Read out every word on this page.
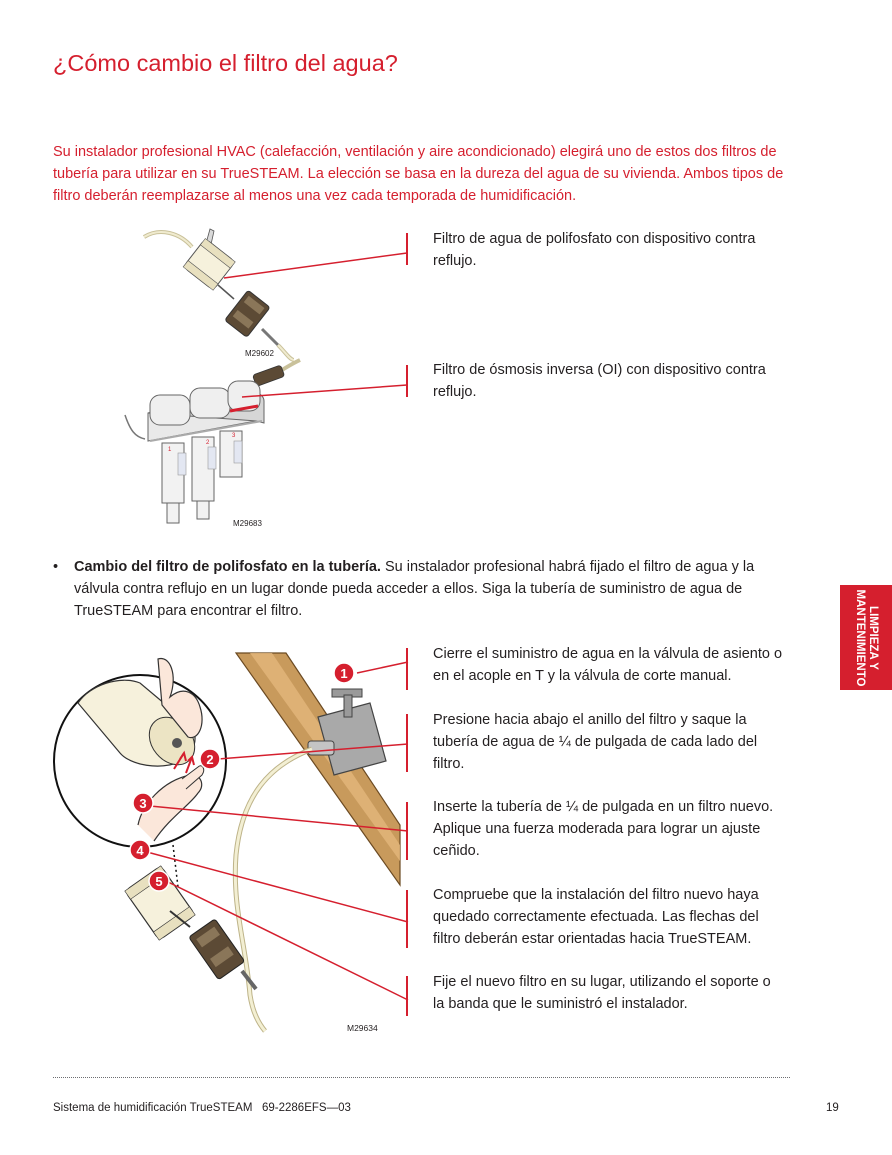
¿Cómo cambio el filtro del agua?
Su instalador profesional HVAC (calefacción, ventilación y aire acondicionado) elegirá uno de estos dos filtros de tubería para utilizar en su TrueSTEAM. La elección se basa en la dureza del agua de su vivienda. Ambos tipos de filtro deberán reemplazarse al menos una vez cada temporada de humidificación.
M29602
1
2
3
M29683
Filtro de agua de polifosfato con dispositivo contra reflujo.
Filtro de ósmosis inversa (OI) con dispositivo contra reflujo.
• Cambio del filtro de polifosfato en la tubería. Su instalador profesional habrá fijado el filtro de agua y la válvula contra reflujo en un lugar donde pueda acceder a ellos. Siga la tubería de suministro de agua de TrueSTEAM para encontrar el filtro.	LIMPIEZA Y
MANTENIMIENTO
M29634
1
2
3
4
5
Cierre el suministro de agua en la válvula de asiento o en el acople en T y la válvula de corte manual.
Presione hacia abajo el anillo del filtro y saque la tubería de agua de ¼ de pulgada de cada lado del filtro.
Inserte la tubería de ¼ de pulgada en un filtro nuevo. Aplique una fuerza moderada para lograr un ajuste ceñido.
Compruebe que la instalación del filtro nuevo haya quedado correctamente efectuada. Las flechas del filtro deberán estar orientadas hacia TrueSTEAM.
Fije el nuevo filtro en su lugar, utilizando el soporte o la banda que le suministró el instalador.
Sistema de humidificación TrueSTEAM   69-2286EFS—03	19
